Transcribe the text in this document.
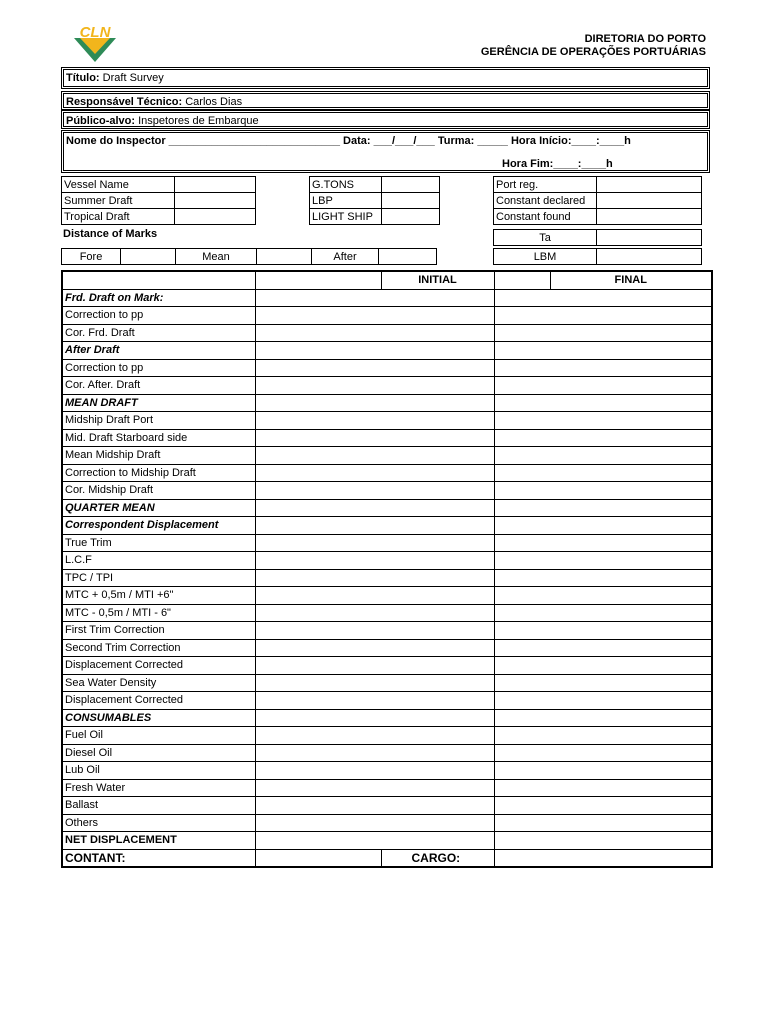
CLN	DIRETORIA DO PORTO
GERÊNCIA DE OPERAÇÕES PORTUÁRIAS
Título: Draft Survey
Responsável Técnico: Carlos Dias
Público-alvo: Inspetores de Embarque
Nome do Inspector ____________________________ Data: ___/___/___ Turma: _____ Hora Início:____:____h
Hora Fim:____:____h
Vessel Name	
Summer Draft	
Tropical Draft	
G.TONS	
LBP	
LIGHT SHIP	
Port reg.	
Constant declared	
Constant found	
Distance of Marks	Ta	
Fore		Mean		After		LBM	
		INITIAL		FINAL
Frd. Draft on Mark:				
Correction to pp				
Cor. Frd. Draft				
After Draft				
Correction to pp				
Cor. After. Draft				
MEAN DRAFT				
Midship Draft Port				
Mid. Draft Starboard side				
Mean Midship Draft				
Correction to Midship Draft				
Cor. Midship Draft				
QUARTER MEAN				
Correspondent Displacement				
True Trim				
L.C.F				
TPC / TPI				
MTC + 0,5m / MTI +6"				
MTC - 0,5m / MTI - 6"				
First Trim Correction				
Second Trim Correction				
Displacement Corrected				
Sea Water Density				
Displacement Corrected				
CONSUMABLES				
Fuel Oil				
Diesel Oil				
Lub Oil				
Fresh Water				
Ballast				
Others				
NET DISPLACEMENT				
CONTANT:		CARGO:		
